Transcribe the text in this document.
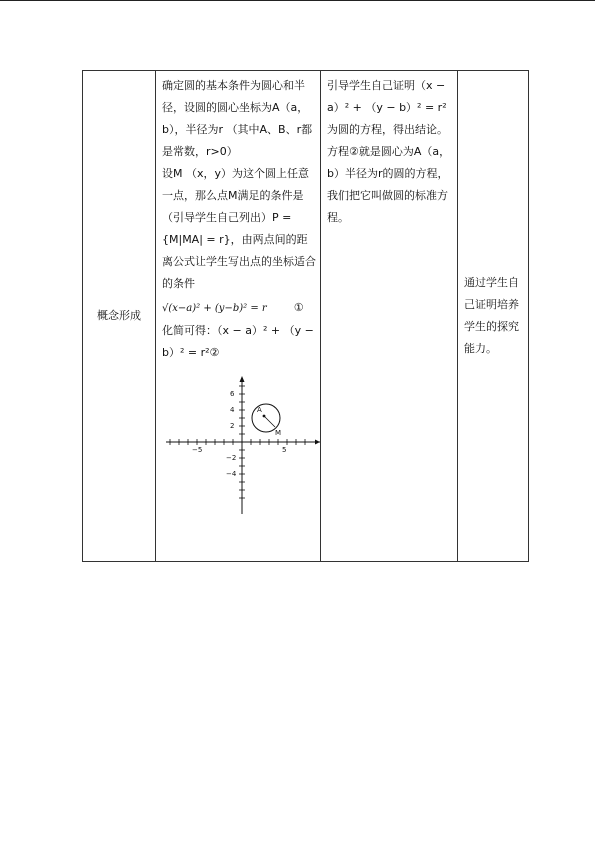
概念形成	

确定圆的基本条件为圆心和半径，设圆的圆心坐标为A（a，b），半径为r （其中A、B、r都是常数，r>0）

设M （x，y）为这个圆上任意一点，那么点M满足的条件是（引导学生自己列出）P = {M|MA| = r}，由两点间的距离公式让学生写出点的坐标适合的条件

√(x−a)² + (y−b)² = r ①

化简可得：（x − a）² + （y − b）² = r²②

−5	5
6
4
2
−2
−4
A
M

引导学生自己证明（x − a）² + （y − b）² = r²为圆的方程，得出结论。

方程②就是圆心为A（a，b）半径为r的圆的方程，我们把它叫做圆的标准方程。

通过学生自己证明培养学生的探究能力。
